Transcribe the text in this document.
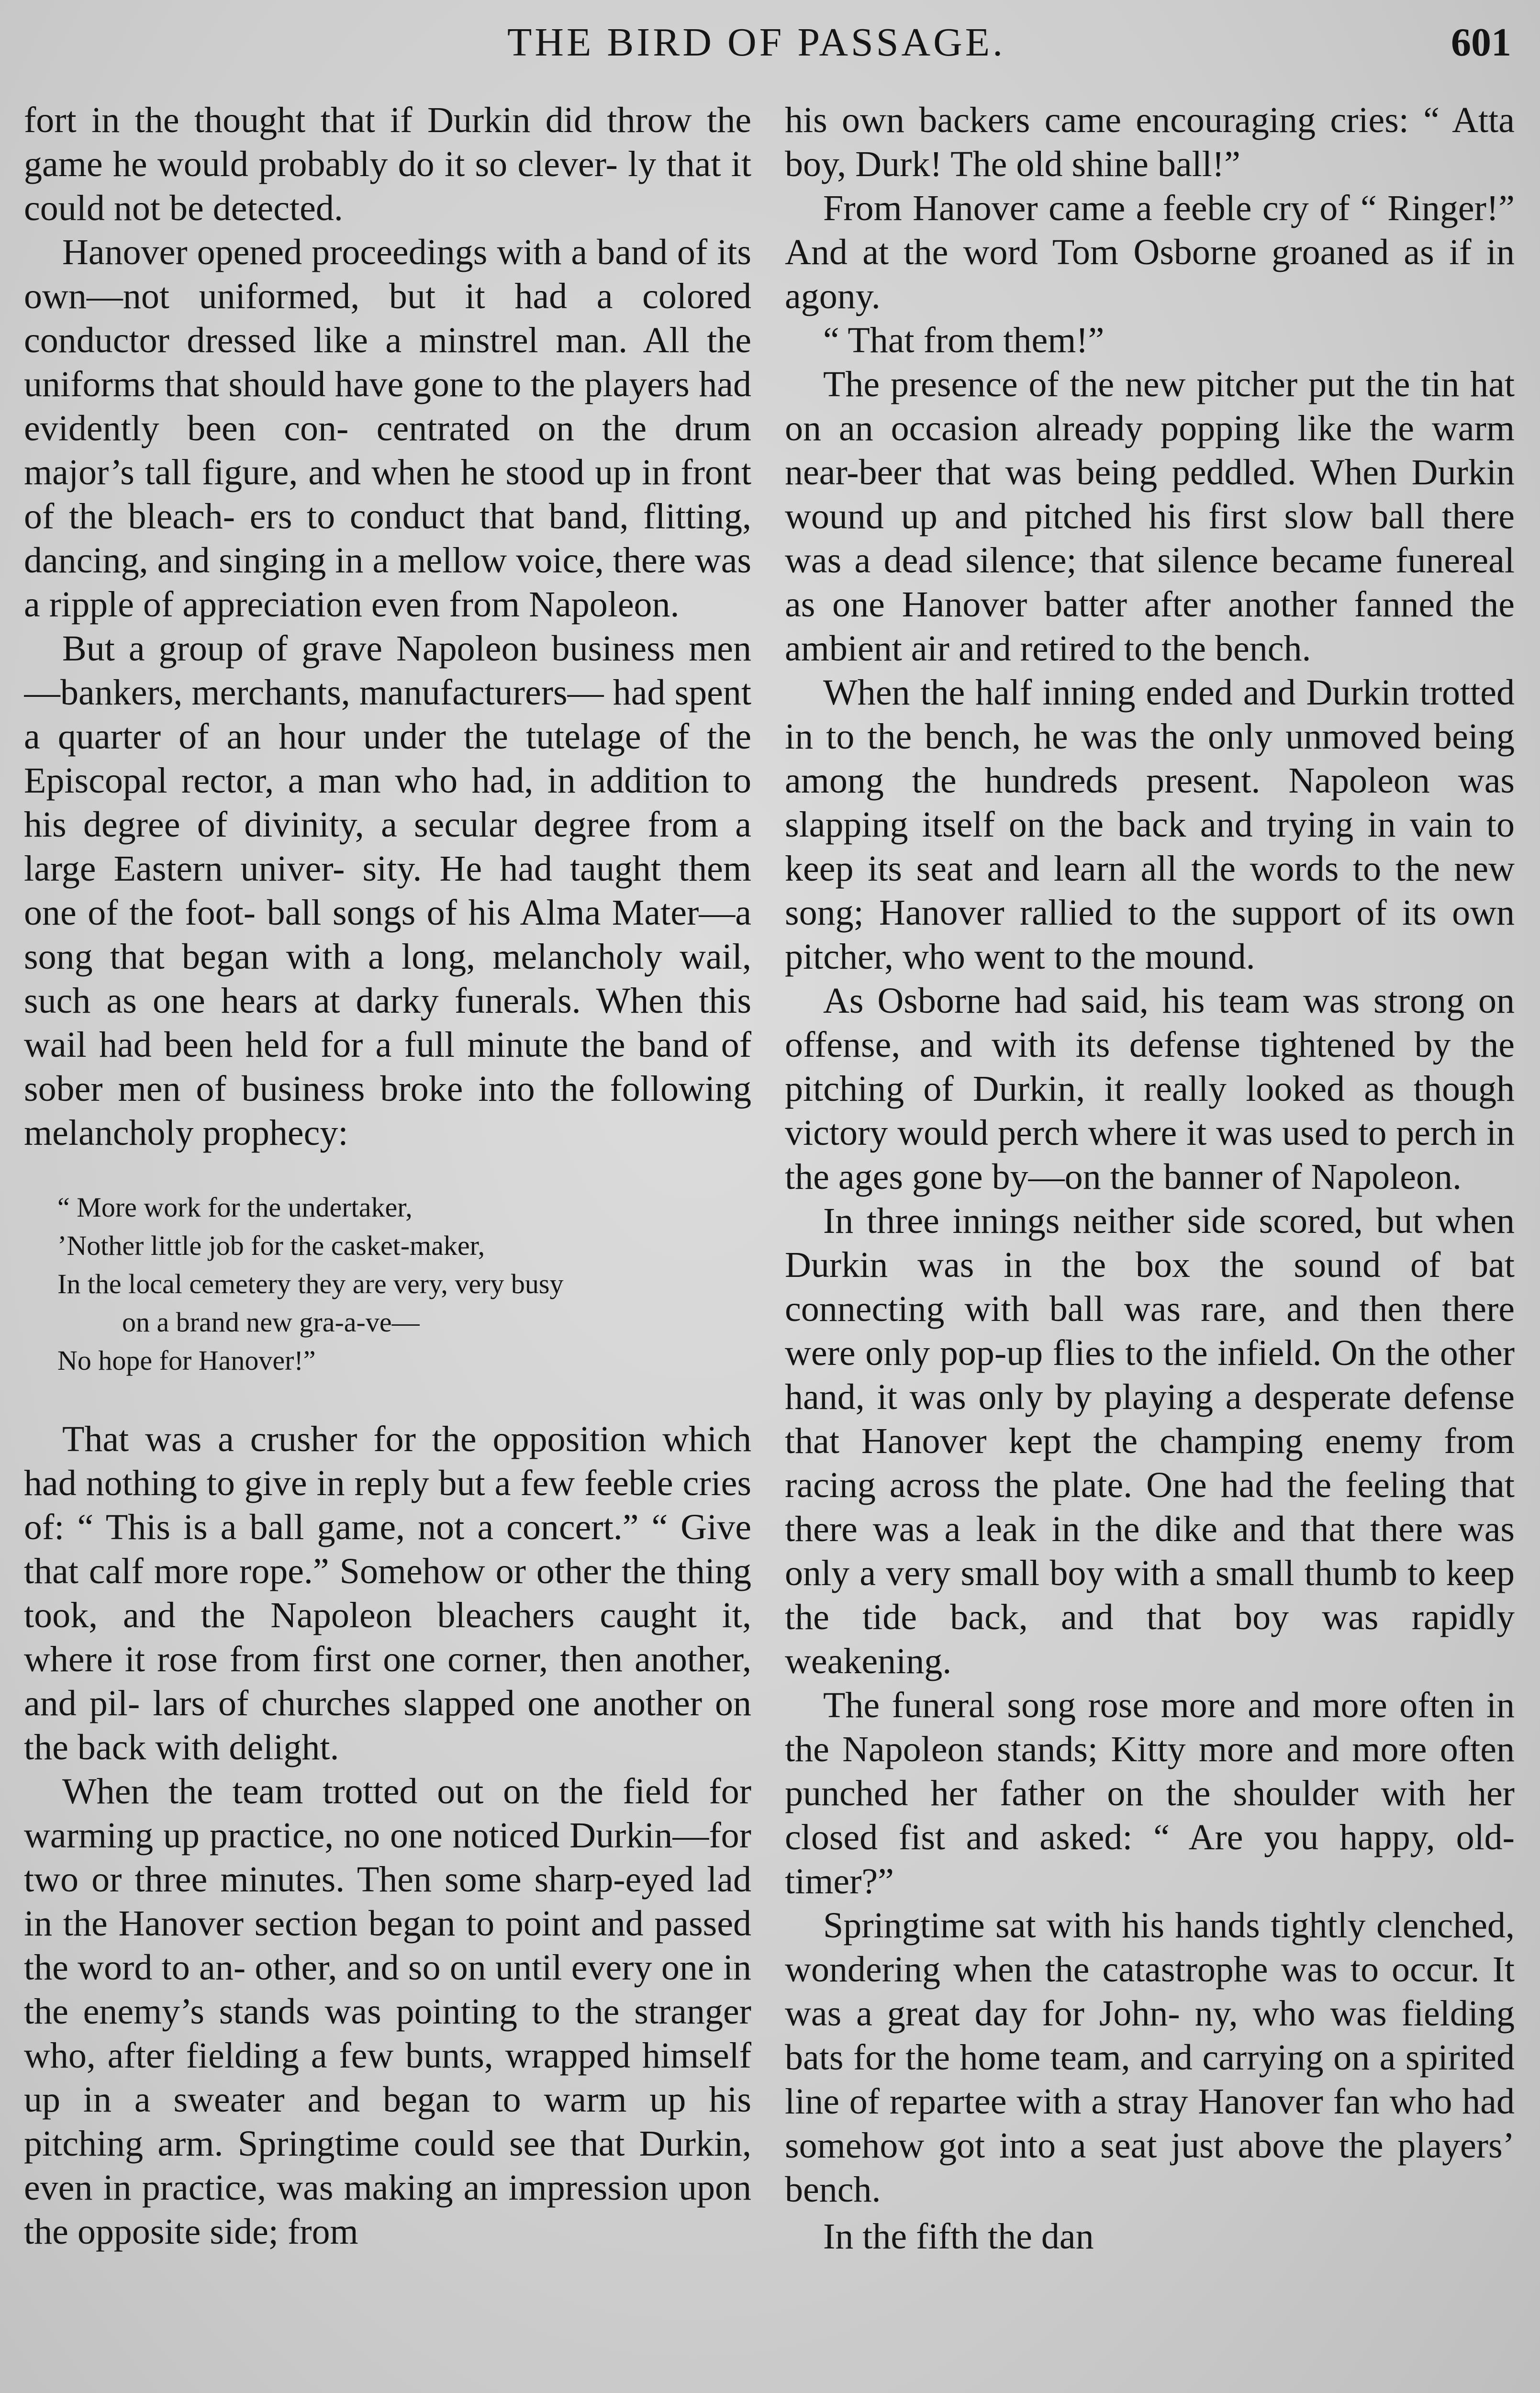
THE BIRD OF PASSAGE.	601

fort in the thought that if Durkin did throw the game he would probably do it so clever- ly that it could not be detected.

Hanover opened proceedings with a band of its own—not uniformed, but it had a colored conductor dressed like a minstrel man. All the uniforms that should have gone to the players had evidently been con- centrated on the drum major’s tall figure, and when he stood up in front of the bleach- ers to conduct that band, flitting, dancing, and singing in a mellow voice, there was a ripple of appreciation even from Napoleon.

But a group of grave Napoleon business men—bankers, merchants, manufacturers— had spent a quarter of an hour under the tutelage of the Episcopal rector, a man who had, in addition to his degree of divinity, a secular degree from a large Eastern univer- sity. He had taught them one of the foot- ball songs of his Alma Mater—a song that began with a long, melancholy wail, such as one hears at darky funerals. When this wail had been held for a full minute the band of sober men of business broke into the following melancholy prophecy:

“ More work for the undertaker,
’Nother little job for the casket-maker,
In the local cemetery they are very, very busy
on a brand new gra-a-ve—
No hope for Hanover!”

That was a crusher for the opposition which had nothing to give in reply but a few feeble cries of: “ This is a ball game, not a concert.” “ Give that calf more rope.” Somehow or other the thing took, and the Napoleon bleachers caught it, where it rose from first one corner, then another, and pil- lars of churches slapped one another on the back with delight.

When the team trotted out on the field for warming up practice, no one noticed Durkin—for two or three minutes. Then some sharp-eyed lad in the Hanover section began to point and passed the word to an- other, and so on until every one in the enemy’s stands was pointing to the stranger who, after fielding a few bunts, wrapped himself up in a sweater and began to warm up his pitching arm. Springtime could see that Durkin, even in practice, was making an impression upon the opposite side; from

his own backers came encouraging cries: “ Atta boy, Durk! The old shine ball!”

From Hanover came a feeble cry of “ Ringer!” And at the word Tom Osborne groaned as if in agony.

“ That from them!”

The presence of the new pitcher put the tin hat on an occasion already popping like the warm near-beer that was being peddled. When Durkin wound up and pitched his first slow ball there was a dead silence; that silence became funereal as one Hanover batter after another fanned the ambient air and retired to the bench.

When the half inning ended and Durkin trotted in to the bench, he was the only unmoved being among the hundreds present. Napoleon was slapping itself on the back and trying in vain to keep its seat and learn all the words to the new song; Hanover rallied to the support of its own pitcher, who went to the mound.

As Osborne had said, his team was strong on offense, and with its defense tightened by the pitching of Durkin, it really looked as though victory would perch where it was used to perch in the ages gone by—on the banner of Napoleon.

In three innings neither side scored, but when Durkin was in the box the sound of bat connecting with ball was rare, and then there were only pop-up flies to the infield. On the other hand, it was only by playing a desperate defense that Hanover kept the champing enemy from racing across the plate. One had the feeling that there was a leak in the dike and that there was only a very small boy with a small thumb to keep the tide back, and that boy was rapidly weakening.

The funeral song rose more and more often in the Napoleon stands; Kitty more and more often punched her father on the shoulder with her closed fist and asked: “ Are you happy, old-timer?”

Springtime sat with his hands tightly clenched, wondering when the catastrophe was to occur. It was a great day for John- ny, who was fielding bats for the home team, and carrying on a spirited line of repartee with a stray Hanover fan who had somehow got into a seat just above the players’ bench.

In the fifth the dan
